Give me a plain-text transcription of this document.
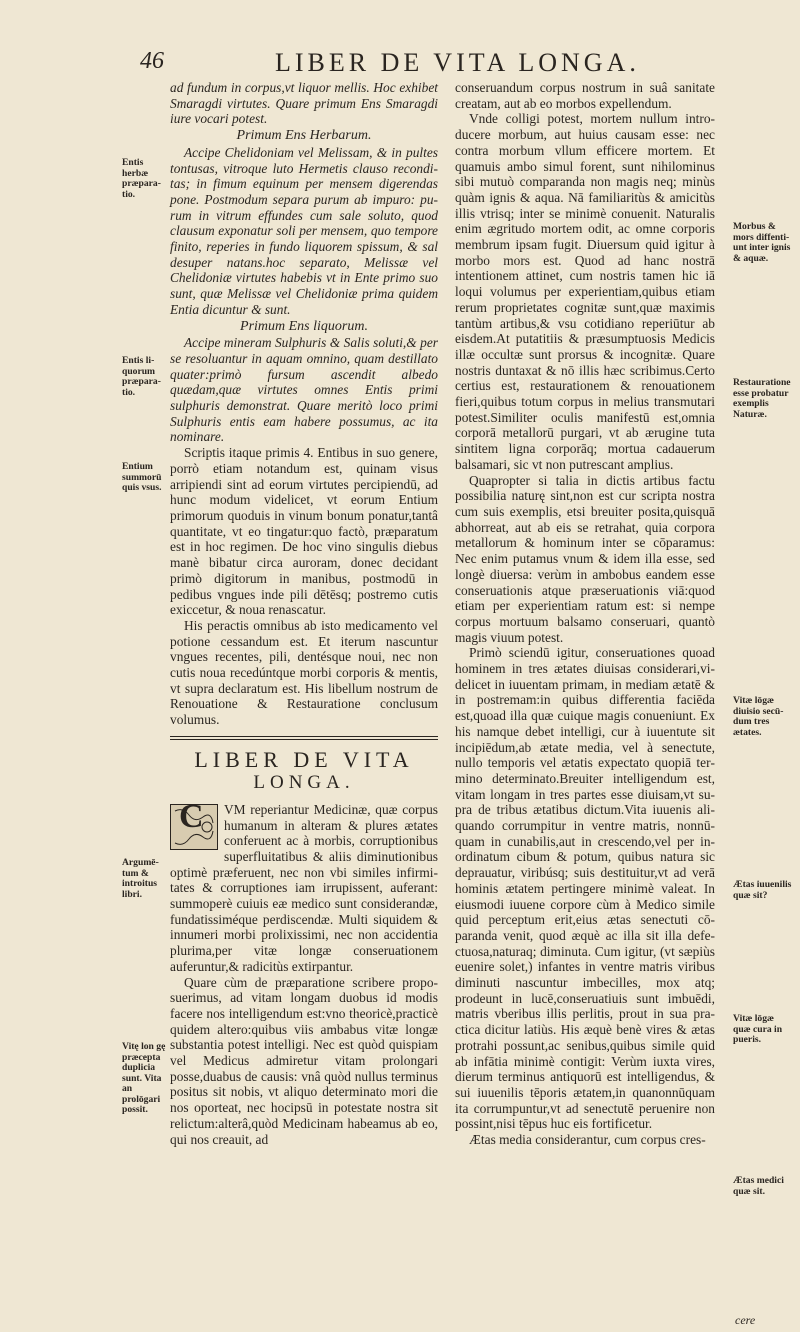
46	LIBER DE VITA LONGA.

ad fundum in corpus,vt liquor mellis. Hoc exhibet Smaragdi virtutes. Quare primum Ens Smaragdi iure vocari potest.

Primum Ens Herbarum.

Accipe Chelidoniam vel Melissam, & in pultes tontusas, vitroque luto Hermetis clauso reconditas; in fimum equinum per mensem digerendas pone. Postmodum separa purum ab impuro: purum in vitrum effundes cum sale soluto, quod clausum exponatur soli per mensem, quo tempore finito, reperies in fundo liquorem spissum, & sal desuper natans.hoc separato, Melissæ vel Chelidoniæ virtutes habebis vt in Ente primo suo sunt, quæ Melissæ vel Chelidoniæ prima quidem Entia dicuntur & sunt.

Primum Ens liquorum.

Accipe mineram Sulphuris & Salis soluti,& per se resoluantur in aquam omnino, quam destillato quater:primò fursum ascendit albedo quædam,quæ virtutes omnes Entis primi sulphuris demonstrat. Quare meritò loco primi Sulphuris entis eam habere possumus, ac ita nominare.

Scriptis itaque primis 4. Entibus in suo genere, porrò etiam notandum est, quinam visus arripiendi sint ad eorum virtutes percipiendū, ad hunc modum videlicet, vt eorum Entium primorum quoduis in vinum bonum ponatur,tantâ quantitate, vt eo tingatur:quo factò, præparatum est in hoc regimen. De hoc vino singulis diebus manè bibatur circa auroram, donec decidant primò digitorum in manibus, postmodū in pedibus vngues inde pili dētēsq; postremo cutis exiccetur, & noua renascatur.

His peractis omnibus ab isto medicamento vel potione cessandum est. Et iterum nascuntur vngues recentes, pili, dentésque noui, nec non cutis noua recedúntque morbi corporis & mentis, vt supra declaratum est. His libellum nostrum de Renouatione & Restauratione conclusum volumus.

LIBER DE VITA
LONGA.

C VM reperiantur Medicinæ, quæ corpus humanum in alteram & plures ætates conferuent ac à morbis, corruptionibus superfluitatibus & aliis diminutionibus optimè præferuent, nec non vbi similes infirmitates & corruptiones iam irrupissent, auferant: summoperè cuiuis eæ medico sunt considerandæ, fundatissiméque perdiscendæ. Multi siquidem & innumeri morbi prolixissimi, nec non accidentia plurima,per vitæ longæ conseruationem auferuntur,& radicitùs extirpantur.

Quare cùm de præparatione scribere proposuerimus, ad vitam longam duobus id modis facere nos intelligendum est:vno theoricè,practicè quidem altero:quibus viis ambabus vitæ longæ substantia potest intelligi. Nec est quòd quispiam vel Medicus admiretur vitam prolongari posse,duabus de causis: vnâ quòd nullus terminus positus sit nobis, vt aliquo determinato mori die nos oporteat, nec hocipsū in potestate nostra sit relictum:alterâ,quòd Medicinam habeamus ab eo, qui nos creauit, ad

conseruandum corpus nostrum in suâ sanitate creatam, aut ab eo morbos expellendum.

Vnde colligi potest, mortem nullum introducere morbum, aut huius causam esse: nec contra morbum vllum efficere mortem. Et quamuis ambo simul forent, sunt nihilominus sibi mutuò comparanda non magis neq; minùs quàm ignis & aqua. Nā familiaritùs & amicitùs illis vtrisq; inter se minimè conuenit. Naturalis enim ægritudo mortem odit, ac omne corporis membrum ipsam fugit. Diuersum quid igitur à morbo mors est. Quod ad hanc nostrā intentionem attinet, cum nostris tamen hic iā loqui volumus per experientiam,quibus etiam rerum proprietates cognitæ sunt,quæ maximis tantùm artibus,& vsu cotidiano reperiūtur ab eisdem.At putatitiis & præsumptuosis Medicis illæ occultæ sunt prorsus & incognitæ. Quare nostris duntaxat & nō illis hæc scribimus.Certo certius est, restaurationem & renouationem fieri,quibus totum corpus in melius transmutari potest.Similiter oculis manifestū est,omnia corporā metallorū purgari, vt ab ærugine tuta sintitem ligna corporāq; mortua cadauerum balsamari, sic vt non putrescant amplius.

Quapropter si talia in dictis artibus factu possibilia naturę sint,non est cur scripta nostra cum suis exemplis, etsi breuiter posita,quisquā abhorreat, aut ab eis se retrahat, quia corpora metallorum & hominum inter se cōparamus: Nec enim putamus vnum & idem illa esse, sed longè diuersa: verùm in ambobus eandem esse conseruationis atque præseruationis viā:quod etiam per experientiam ratum est: si nempe corpus mortuum balsamo conseruari, quantò magis viuum potest.

Primò sciendū igitur, conseruationes quoad hominem in tres ætates diuisas considerari,videlicet in iuuentam primam, in mediam ætatē & in postremam:in quibus differentia faciēda est,quoad illa quæ cuique magis conueniunt. Ex his namque debet intelligi, cur à iuuentute sit incipiēdum,ab ætate media, vel à senectute, nullo temporis vel ætatis expectato quopiā termino determinato.Breuiter intelligendum est, vitam longam in tres partes esse diuisam,vt supra de tribus ætatibus dictum.Vita iuuenis aliquando corrumpitur in ventre matris, nonnūquam in cunabilis,aut in crescendo,vel per inordinatum cibum & potum, quibus natura sic deprauatur, viribúsq; suis destituitur,vt ad verā hominis ætatem pertingere minimè valeat. In eiusmodi iuuene corpore cùm à Medico simile quid perceptum erit,eius ætas senectuti cōparanda venit, quod æquè ac illa sit illa defectuosa,naturaq; diminuta. Cum igitur, (vt sæpiùs euenire solet,) infantes in ventre matris viribus diminuti nascuntur imbecilles, mox atq; prodeunt in lucē,conseruatiuis sunt imbuēdi, matris vberibus illis perlitis, prout in sua practica dicitur latiùs. His æquè benè vires & ætas protrahi possunt,ac senibus,quibus simile quid ab infātia minimè contigit: Verùm iuxta vires, dierum terminus antiquorū est intelligendus, & sui iuuenilis tēporis ætatem,in quanonnūquam ita corrumpuntur,vt ad senectutē peruenire non possint,nisi tēpus huc eis fortificetur.

Ætas media considerantur, cum corpus cres-

Entis herbæ præparatio.
Entis liquorum præparatio.
Entium summorū quis vsus.
Argumētum & introitus libri.
Vitę lon gę præcepta duplicia sunt. Vita an prolōgari possit.
Morbus & mors diffentiunt inter ignis & aquæ.
Restauratione esse probatur exemplis Naturæ.
Vitæ lōgæ diuisio secūdum tres ætates.
Ætas iuuenilis quæ sit?
Vitæ lōgæ quæ cura in pueris.
Ætas medici quæ sit.
cere
